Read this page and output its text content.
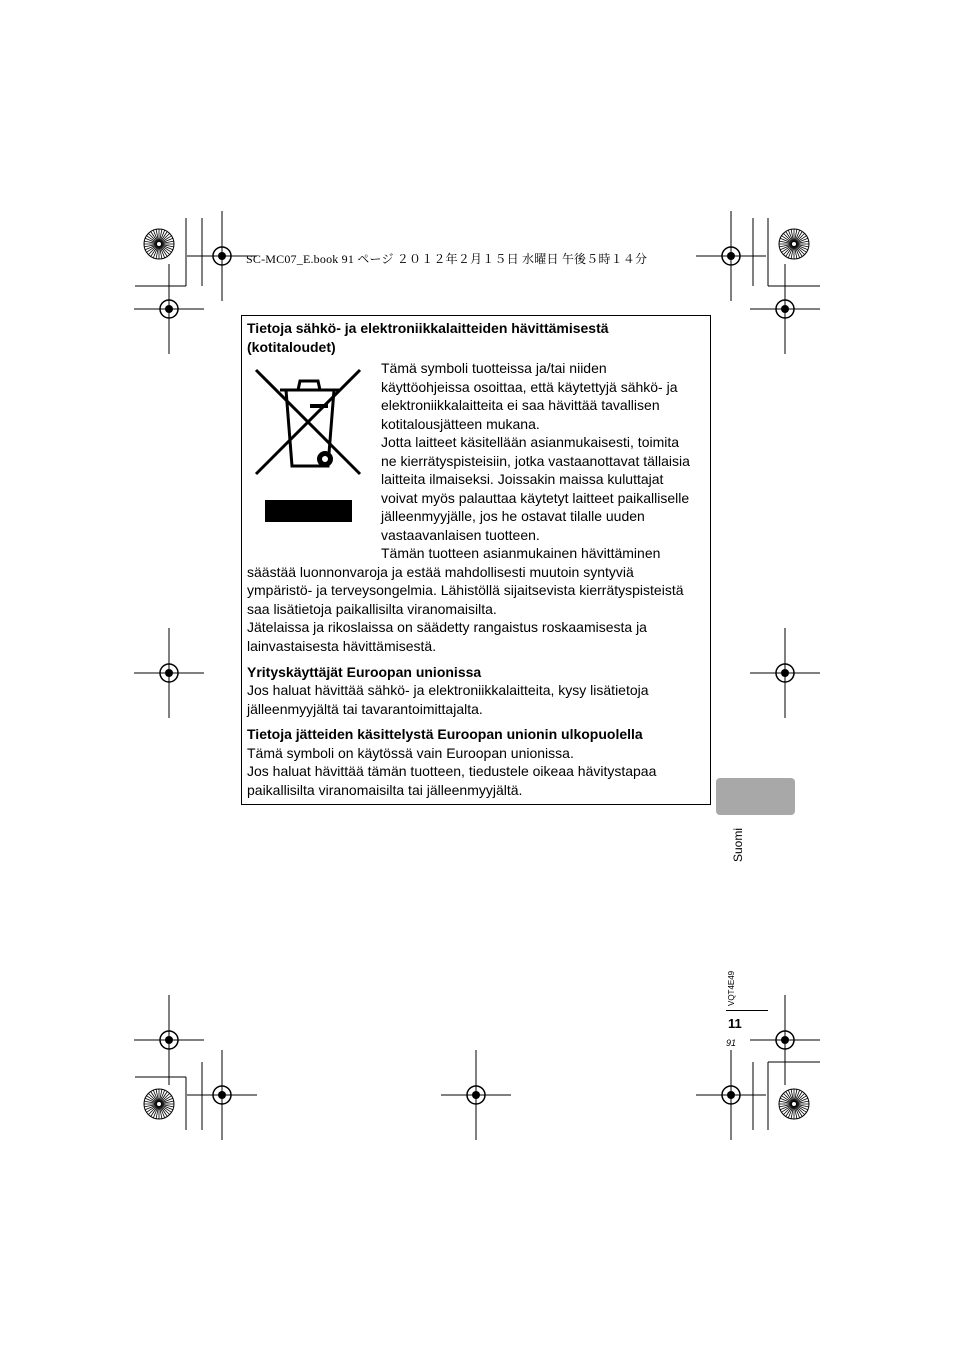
SC-MC07_E.book 91 ページ ２０１２年２月１５日 水曜日 午後５時１４分
Tietoja sähkö- ja elektroniikkalaitteiden hävittämisestä
(kotitaloudet)
Tämä symboli tuotteissa ja/tai niiden
käyttöohjeissa osoittaa, että käytettyjä sähkö- ja
elektroniikkalaitteita ei saa hävittää tavallisen
kotitalousjätteen mukana.
Jotta laitteet käsitellään asianmukaisesti, toimita
ne kierrätyspisteisiin, jotka vastaanottavat tällaisia
laitteita ilmaiseksi. Joissakin maissa kuluttajat
voivat myös palauttaa käytetyt laitteet paikalliselle
jälleenmyyjälle, jos he ostavat tilalle uuden
vastaavanlaisen tuotteen.
Tämän tuotteen asianmukainen hävittäminen
säästää luonnonvaroja ja estää mahdollisesti muutoin syntyviä
ympäristö- ja terveysongelmia. Lähistöllä sijaitsevista kierrätyspisteistä
saa lisätietoja paikallisilta viranomaisilta.
Jätelaissa ja rikoslaissa on säädetty rangaistus roskaamisesta ja
lainvastaisesta hävittämisestä.
Yrityskäyttäjät Euroopan unionissa
Jos haluat hävittää sähkö- ja elektroniikkalaitteita, kysy lisätietoja
jälleenmyyjältä tai tavarantoimittajalta.
Tietoja jätteiden käsittelystä Euroopan unionin ulkopuolella
Tämä symboli on käytössä vain Euroopan unionissa.
Jos haluat hävittää tämän tuotteen, tiedustele oikeaa hävitystapaa
paikallisilta viranomaisilta tai jälleenmyyjältä.
Suomi
VQT4E49
11
91
